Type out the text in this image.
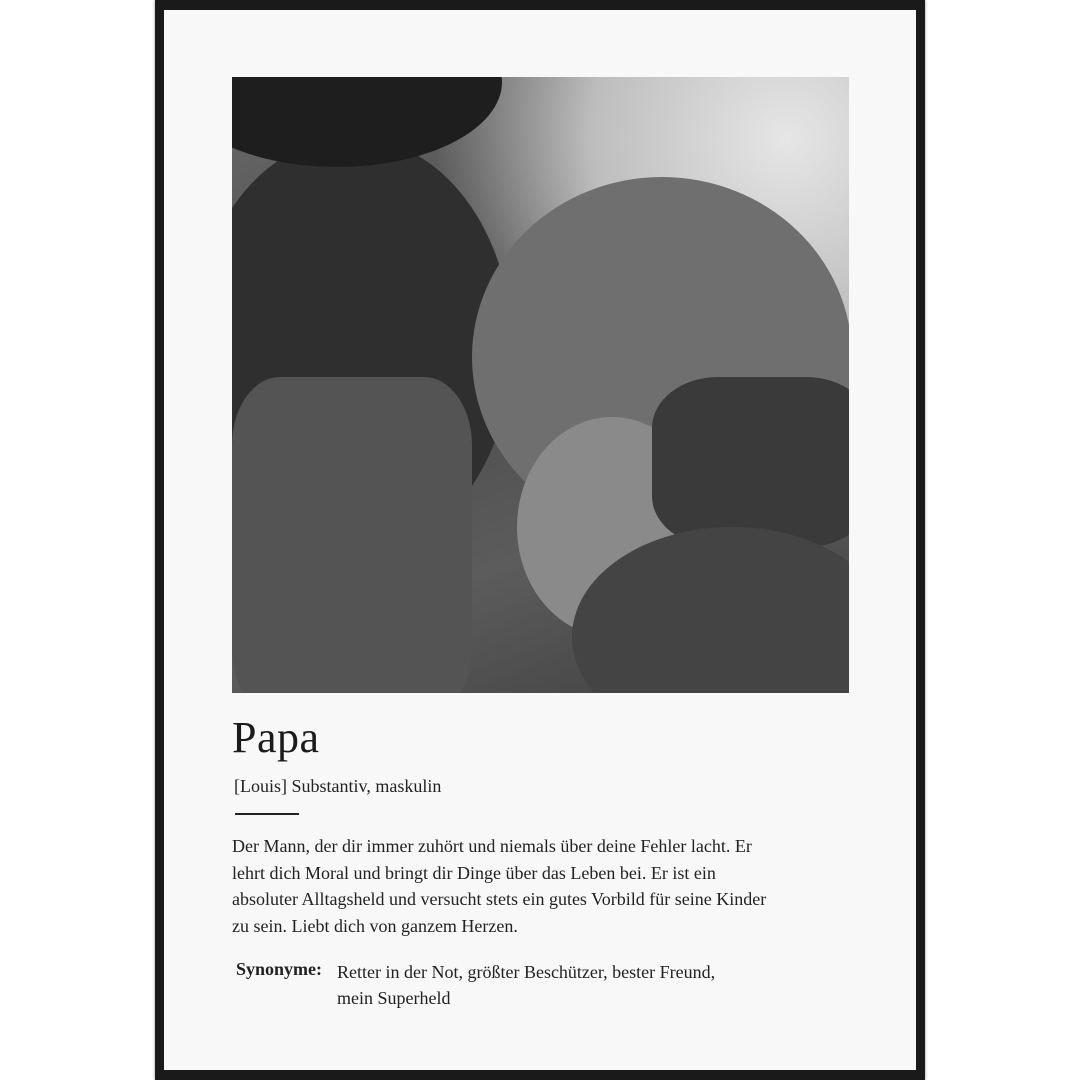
Papa
[Louis] Substantiv, maskulin
Der Mann, der dir immer zuhört und niemals über deine Fehler lacht. Er
lehrt dich Moral und bringt dir Dinge über das Leben bei. Er ist ein
absoluter Alltagsheld und versucht stets ein gutes Vorbild für seine Kinder
zu sein. Liebt dich von ganzem Herzen.
Synonyme: Retter in der Not, größter Beschützer, bester Freund,
mein Superheld
